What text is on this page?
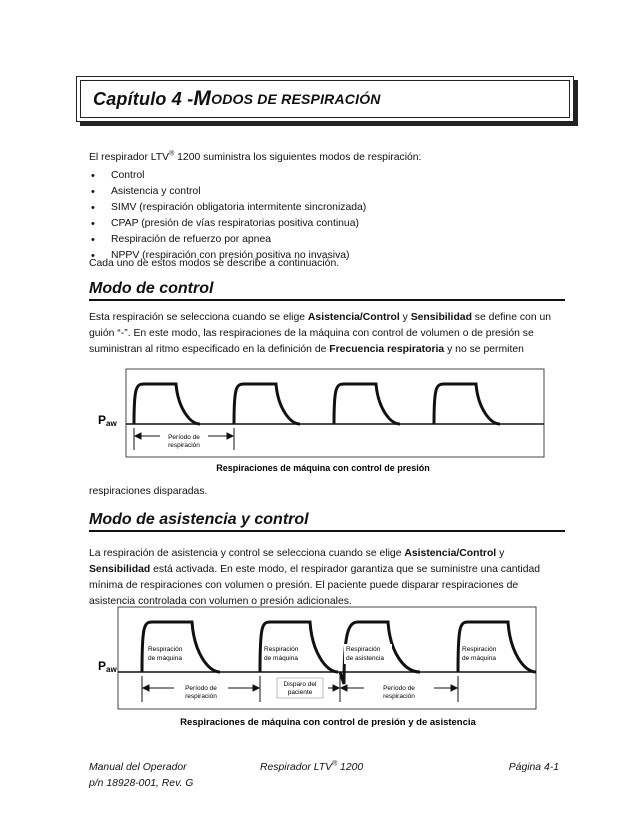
Capítulo 4 - M ODOS DE RESPIRACIÓN
El respirador LTV® 1200 suministra los siguientes modos de respiración:
• Control
• Asistencia y control
• SIMV (respiración obligatoria intermitente sincronizada)
• CPAP (presión de vías respiratorias positiva continua)
• Respiración de refuerzo por apnea
• NPPV (respiración con presión positiva no invasiva)
Cada uno de estos modos se describe a continuación.
Modo de control
Esta respiración se selecciona cuando se elige Asistencia/Control y Sensibilidad se define con un guión “-”. En este modo, las respiraciones de la máquina con control de volumen o de presión se suministran al ritmo especificado en la definición de Frecuencia respiratoria y no se permiten
Paw
Período de
respiración
Respiraciones de máquina con control de presión
respiraciones disparadas.
Modo de asistencia y control
La respiración de asistencia y control se selecciona cuando se elige Asistencia/Control y Sensibilidad está activada. En este modo, el respirador garantiza que se suministre una cantidad mínima de respiraciones con volumen o presión. El paciente puede disparar respiraciones de asistencia controlada con volumen o presión adicionales.
Paw
Respiración
de máquina
Respiración
de máquina
Respiración
de asistencia
Respiración
de máquina
Período de
respiración
Disparo del
paciente
Período de
respiración
Respiraciones de máquina con control de presión y de asistencia
Manual del Operador
p/n 18928-001, Rev. G
Respirador LTV® 1200	Página 4-1
